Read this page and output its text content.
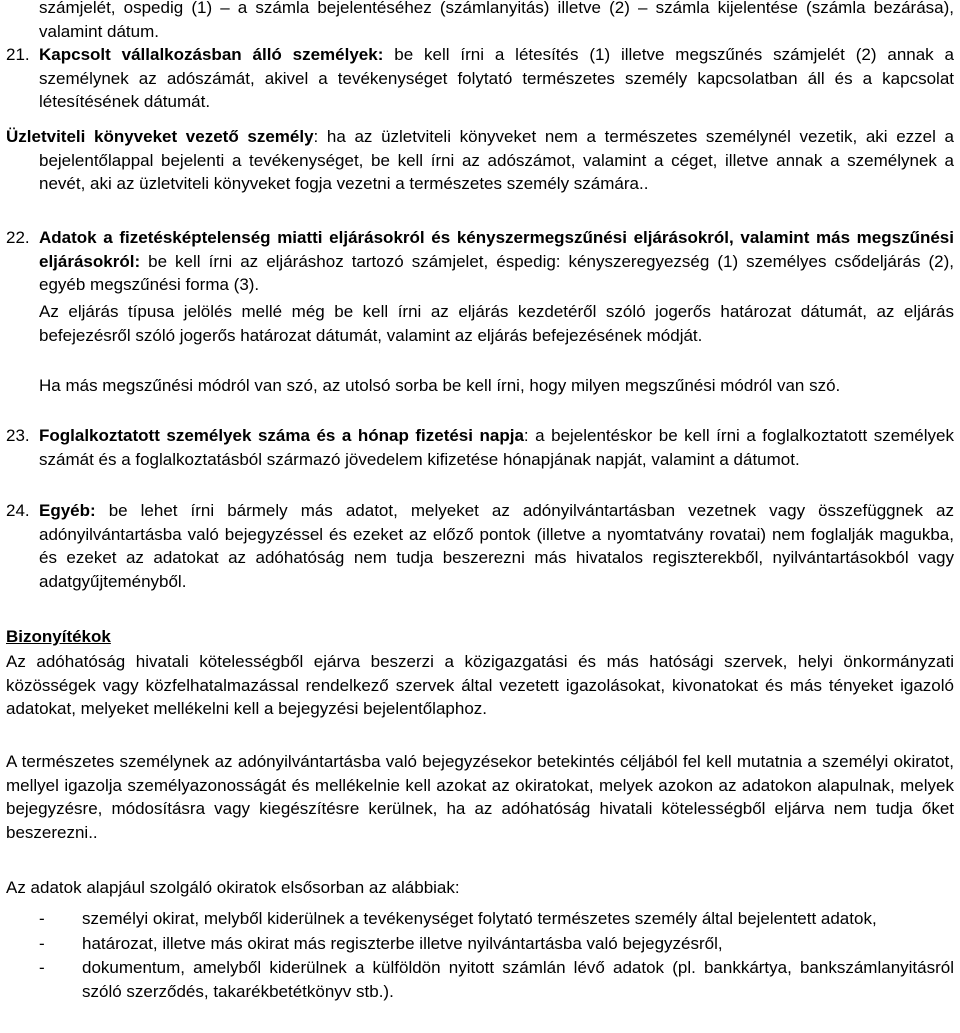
számjelét, ospedig (1) – a számla bejelentéséhez (számlanyitás) illetve (2) – számla kijelentése (számla bezárása), valamint dátum.
21. Kapcsolt vállalkozásban álló személyek: be kell írni a létesítés (1) illetve megszűnés számjelét (2) annak a személynek az adószámát, akivel a tevékenységet folytató természetes személy kapcsolatban áll és a kapcsolat létesítésének dátumát.
Üzletviteli könyveket vezető személy: ha az üzletviteli könyveket nem a természetes személynél vezetik, aki ezzel a bejelentőlappal bejelenti a tevékenységet, be kell írni az adószámot, valamint a céget, illetve annak a személynek a nevét, aki az üzletviteli könyveket fogja vezetni a természetes személy számára..
22. Adatok a fizetésképtelenség miatti eljárásokról és kényszermegszűnési eljárásokról, valamint más megszűnési eljárásokról: be kell írni az eljáráshoz tartozó számjelet, éspedig: kényszeregyezség (1) személyes csődeljárás (2), egyéb megszűnési forma (3).
Az eljárás típusa jelölés mellé még be kell írni az eljárás kezdetéről szóló jogerős határozat dátumát, az eljárás befejezésről szóló jogerős határozat dátumát, valamint az eljárás befejezésének módját.
Ha más megszűnési módról van szó, az utolsó sorba be kell írni, hogy milyen megszűnési módról van szó.
23. Foglalkoztatott személyek száma és a hónap fizetési napja: a bejelentéskor be kell írni a foglalkoztatott személyek számát és a foglalkoztatásból származó jövedelem kifizetése hónapjának napját, valamint a dátumot.
24. Egyéb: be lehet írni bármely más adatot, melyeket az adónyilvántartásban vezetnek vagy összefüggnek az adónyilvántartásba való bejegyzéssel és ezeket az előző pontok (illetve a nyomtatvány rovatai) nem foglalják magukba, és ezeket az adatokat az adóhatóság nem tudja beszerezni más hivatalos regiszterekből, nyilvántartásokból vagy adatgyűjteményből.
Bizonyítékok
Az adóhatóság hivatali kötelességből ejárva beszerzi a közigazgatási és más hatósági szervek, helyi önkormányzati közösségek vagy közfelhatalmazással rendelkező szervek által vezetett igazolásokat, kivonatokat és más tényeket igazoló adatokat, melyeket mellékelni kell a bejegyzési bejelentőlaphoz.
A természetes személynek az adónyilvántartásba való bejegyzésekor betekintés céljából fel kell mutatnia a személyi okiratot, mellyel igazolja személyazonosságát és mellékelnie kell azokat az okiratokat, melyek azokon az adatokon alapulnak, melyek bejegyzésre, módosításra vagy kiegészítésre kerülnek, ha az adóhatóság hivatali kötelességből eljárva nem tudja őket beszerezni..
Az adatok alapjául szolgáló okiratok elsősorban az alábbiak:
- személyi okirat, melyből kiderülnek a tevékenységet folytató természetes személy által bejelentett adatok,
- határozat, illetve más okirat más regiszterbe illetve nyilvántartásba való bejegyzésről,
- dokumentum, amelyből kiderülnek a külföldön nyitott számlán lévő adatok (pl. bankkártya, bankszámlanyitásról szóló szerződés, takarékbetétkönyv stb.).
